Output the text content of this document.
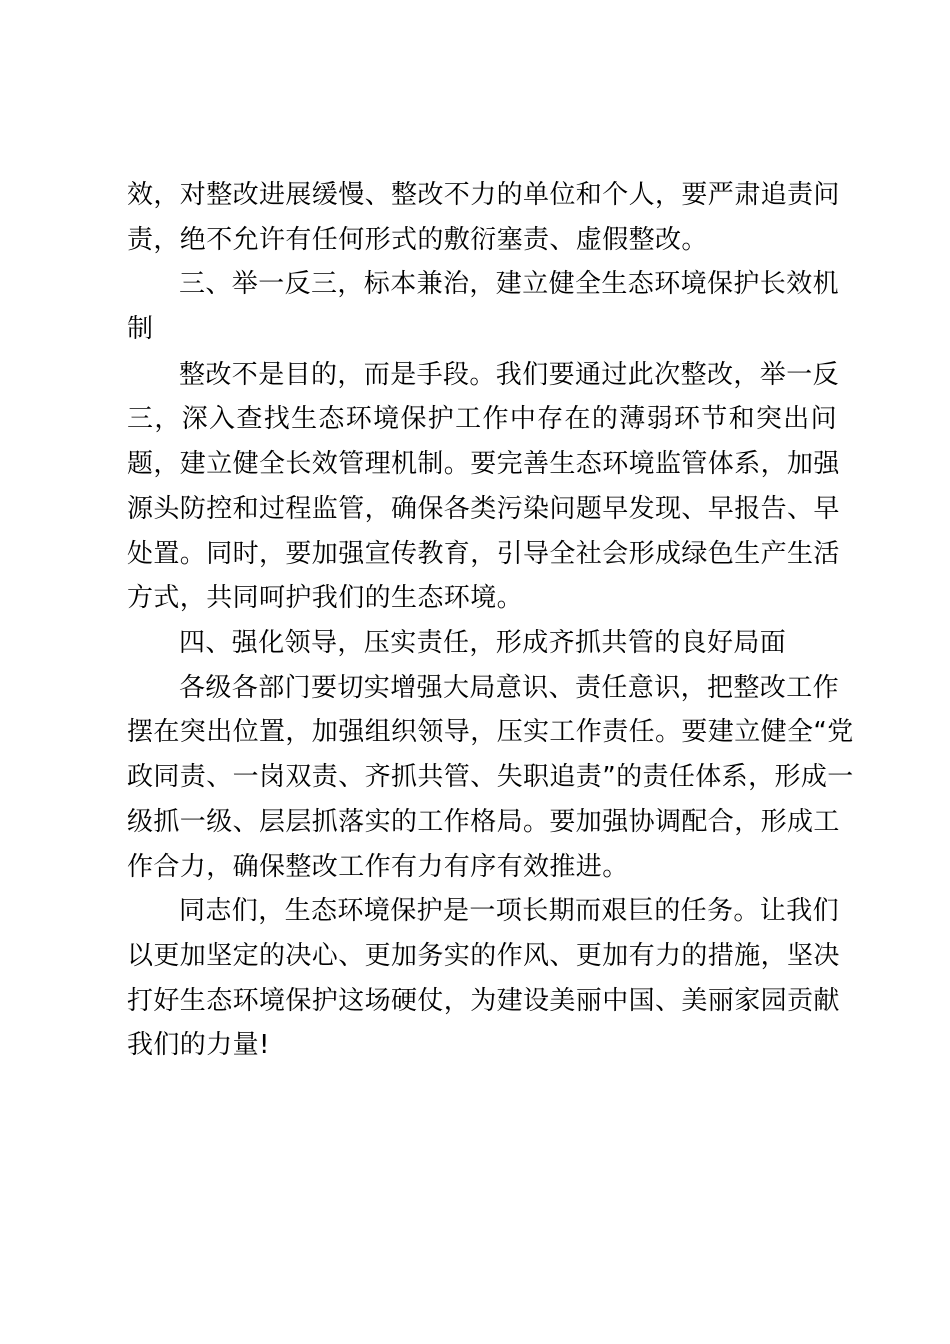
效，对整改进展缓慢、整改不力的单位和个人，要严肃追责问
责，绝不允许有任何形式的敷衍塞责、虚假整改。
三、举一反三，标本兼治，建立健全生态环境保护长效机
制
整改不是目的，而是手段。我们要通过此次整改，举一反
三，深入查找生态环境保护工作中存在的薄弱环节和突出问
题，建立健全长效管理机制。要完善生态环境监管体系，加强
源头防控和过程监管，确保各类污染问题早发现、早报告、早
处置。同时，要加强宣传教育，引导全社会形成绿色生产生活
方式，共同呵护我们的生态环境。
四、强化领导，压实责任，形成齐抓共管的良好局面
各级各部门要切实增强大局意识、责任意识，把整改工作
摆在突出位置，加强组织领导，压实工作责任。要建立健全“党
政同责、一岗双责、齐抓共管、失职追责”的责任体系，形成一
级抓一级、层层抓落实的工作格局。要加强协调配合，形成工
作合力，确保整改工作有力有序有效推进。
同志们，生态环境保护是一项长期而艰巨的任务。让我们
以更加坚定的决心、更加务实的作风、更加有力的措施，坚决
打好生态环境保护这场硬仗，为建设美丽中国、美丽家园贡献
我们的力量!
